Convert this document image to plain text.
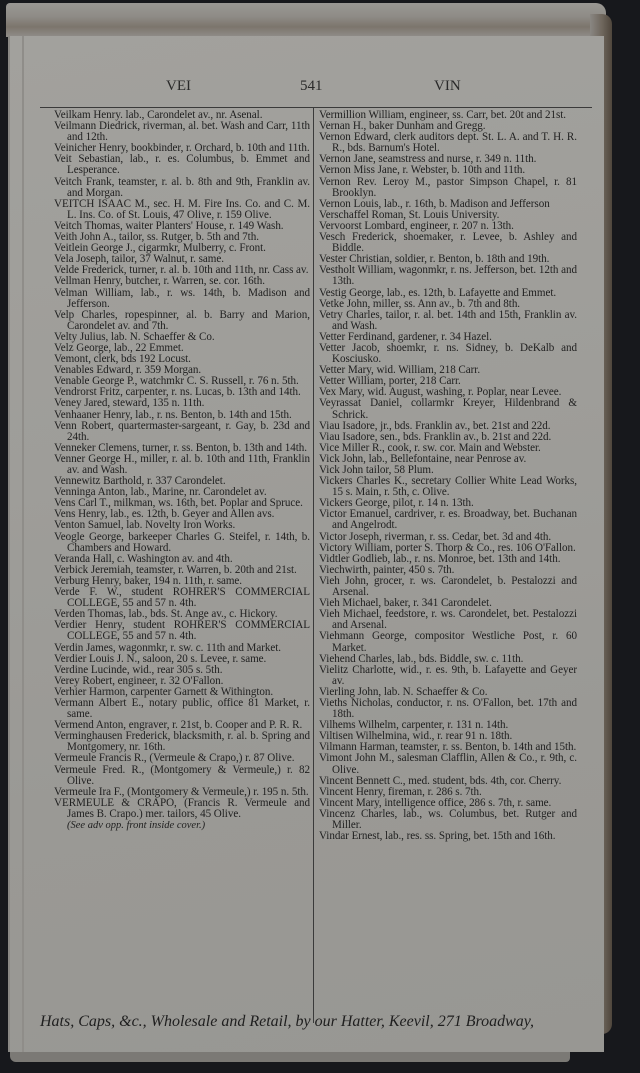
VEI	541	VIN

Veilkam Henry. lab., Carondelet av., nr. Asenal.

Veilmann Diedrick, riverman, al. bet. Wash and Carr, 11th and 12th.

Veinicher Henry, bookbinder, r. Orchard, b. 10th and 11th.

Veit Sebastian, lab., r. es. Columbus, b. Emmet and Lesperance.

Veitch Frank, teamster, r. al. b. 8th and 9th, Franklin av. and Morgan.

VEITCH ISAAC M., sec. H. M. Fire Ins. Co. and C. M. L. Ins. Co. of St. Louis, 47 Olive, r. 159 Olive.

Veitch Thomas, waiter Planters' House, r. 149 Wash.

Veith John A., tailor, ss. Rutger, b. 5th and 7th.

Veitlein George J., cigarmkr, Mulberry, c. Front.

Vela Joseph, tailor, 37 Walnut, r. same.

Velde Frederick, turner, r. al. b. 10th and 11th, nr. Cass av.

Vellman Henry, butcher, r. Warren, se. cor. 16th.

Velman William, lab., r. ws. 14th, b. Madison and Jefferson.

Velp Charles, ropespinner, al. b. Barry and Marion, Carondelet av. and 7th.

Velty Julius, lab. N. Schaeffer & Co.

Velz George, lab., 22 Emmet.

Vemont, clerk, bds 192 Locust.

Venables Edward, r. 359 Morgan.

Venable George P., watchmkr C. S. Russell, r. 76 n. 5th.

Vendrorst Fritz, carpenter, r. ns. Lucas, b. 13th and 14th.

Veney Jared, steward, 135 n. 11th.

Venhaaner Henry, lab., r. ns. Benton, b. 14th and 15th.

Venn Robert, quartermaster-sargeant, r. Gay, b. 23d and 24th.

Venneker Clemens, turner, r. ss. Benton, b. 13th and 14th.

Venner George H., miller, r. al. b. 10th and 11th, Franklin av. and Wash.

Vennewitz Barthold, r. 337 Carondelet.

Venninga Anton, lab., Marine, nr. Carondelet av.

Vens Carl T., milkman, ws. 16th, bet. Poplar and Spruce.

Vens Henry, lab., es. 12th, b. Geyer and Allen avs.

Venton Samuel, lab. Novelty Iron Works.

Veogle George, barkeeper Charles G. Steifel, r. 14th, b. Chambers and Howard.

Veranda Hall, c. Washington av. and 4th.

Verbick Jeremiah, teamster, r. Warren, b. 20th and 21st.

Verburg Henry, baker, 194 n. 11th, r. same.

Verde F. W., student ROHRER'S COMMERCIAL COLLEGE, 55 and 57 n. 4th.

Verden Thomas, lab., bds. St. Ange av., c. Hickory.

Verdier Henry, student ROHRER'S COMMERCIAL COLLEGE, 55 and 57 n. 4th.

Verdin James, wagonmkr, r. sw. c. 11th and Market.

Verdier Louis J. N., saloon, 20 s. Levee, r. same.

Verdine Lucinde, wid., rear 305 s. 5th.

Verey Robert, engineer, r. 32 O'Fallon.

Verhier Harmon, carpenter Garnett & Withington.

Vermann Albert E., notary public, office 81 Market, r. same.

Vermend Anton, engraver, r. 21st, b. Cooper and P. R. R.

Verminghausen Frederick, blacksmith, r. al. b. Spring and Montgomery, nr. 16th.

Vermeule Francis R., (Vermeule & Crapo,) r. 87 Olive.

Vermeule Fred. R., (Montgomery & Vermeule,) r. 82 Olive.

Vermeule Ira F., (Montgomery & Vermeule,) r. 195 n. 5th.

VERMEULE & CRAPO, (Francis R. Vermeule and James B. Crapo.) mer. tailors, 45 Olive.

(See adv opp. front inside cover.)

Vermillion William, engineer, ss. Carr, bet. 20t and 21st.

Vernan H., baker Dunham and Gregg.

Vernon Edward, clerk auditors dept. St. L. A. and T. H. R. R., bds. Barnum's Hotel.

Vernon Jane, seamstress and nurse, r. 349 n. 11th.

Vernon Miss Jane, r. Webster, b. 10th and 11th.

Vernon Rev. Leroy M., pastor Simpson Chapel, r. 81 Brooklyn.

Vernon Louis, lab., r. 16th, b. Madison and Jefferson

Verschaffel Roman, St. Louis University.

Vervoorst Lombard, engineer, r. 207 n. 13th.

Vesch Frederick, shoemaker, r. Levee, b. Ashley and Biddle.

Vester Christian, soldier, r. Benton, b. 18th and 19th.

Vestholt William, wagonmkr, r. ns. Jefferson, bet. 12th and 13th.

Vestig George, lab., es. 12th, b. Lafayette and Emmet.

Vetke John, miller, ss. Ann av., b. 7th and 8th.

Vetry Charles, tailor, r. al. bet. 14th and 15th, Franklin av. and Wash.

Vetter Ferdinand, gardener, r. 34 Hazel.

Vetter Jacob, shoemkr, r. ns. Sidney, b. DeKalb and Kosciusko.

Vetter Mary, wid. William, 218 Carr.

Vetter William, porter, 218 Carr.

Vex Mary, wid. August, washing, r. Poplar, near Levee.

Veyrassat Daniel, collarmkr Kreyer, Hildenbrand & Schrick.

Viau Isadore, jr., bds. Franklin av., bet. 21st and 22d.

Viau Isadore, sen., bds. Franklin av., b. 21st and 22d.

Vice Miller R., cook, r. sw. cor. Main and Webster.

Vick John, lab., Bellefontaine, near Penrose av.

Vick John tailor, 58 Plum.

Vickers Charles K., secretary Collier White Lead Works, 15 s. Main, r. 5th, c. Olive.

Vickers George, pilot, r. 14 n. 13th.

Victor Emanuel, cardriver, r. es. Broadway, bet. Buchanan and Angelrodt.

Victor Joseph, riverman, r. ss. Cedar, bet. 3d and 4th.

Victory William, porter S. Thorp & Co., res. 106 O'Fallon.

Vidtler Godlieb, lab., r. ns. Monroe, bet. 13th and 14th.

Viechwirth, painter, 450 s. 7th.

Vieh John, grocer, r. ws. Carondelet, b. Pestalozzi and Arsenal.

Vieh Michael, baker, r. 341 Carondelet.

Vieh Michael, feedstore, r. ws. Carondelet, bet. Pestalozzi and Arsenal.

Viehmann George, compositor Westliche Post, r. 60 Market.

Viehend Charles, lab., bds. Biddle, sw. c. 11th.

Vielitz Charlotte, wid., r. es. 9th, b. Lafayette and Geyer av.

Vierling John, lab. N. Schaeffer & Co.

Vieths Nicholas, conductor, r. ns. O'Fallon, bet. 17th and 18th.

Vilhems Wilhelm, carpenter, r. 131 n. 14th.

Viltisen Wilhelmina, wid., r. rear 91 n. 18th.

Vilmann Harman, teamster, r. ss. Benton, b. 14th and 15th.

Vimont John M., salesman Clafflin, Allen & Co., r. 9th, c. Olive.

Vincent Bennett C., med. student, bds. 4th, cor. Cherry.

Vincent Henry, fireman, r. 286 s. 7th.

Vincent Mary, intelligence office, 286 s. 7th, r. same.

Vincenz Charles, lab., ws. Columbus, bet. Rutger and Miller.

Vindar Ernest, lab., res. ss. Spring, bet. 15th and 16th.

Hats, Caps, &c., Wholesale and Retail, by our Hatter, Keevil, 271 Broadway,
